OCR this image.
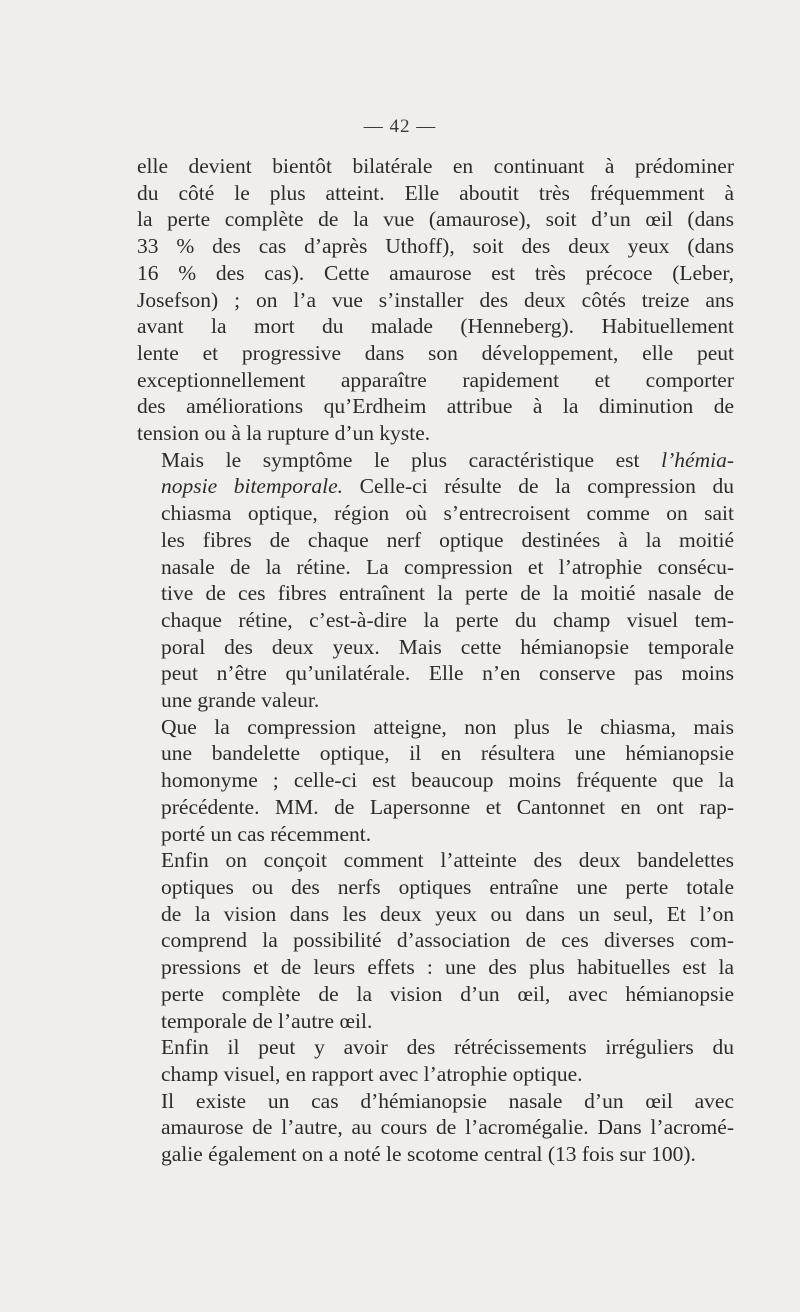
— 42 —

elle devient bientôt bilatérale en continuant à prédominer
du côté le plus atteint. Elle aboutit très fréquemment à
la perte complète de la vue (amaurose), soit d’un œil (dans
33 % des cas d’après Uthoff), soit des deux yeux (dans
16 % des cas). Cette amaurose est très précoce (Leber,
Josefson) ; on l’a vue s’installer des deux côtés treize ans
avant la mort du malade (Henneberg). Habituellement
lente et progressive dans son développement, elle peut
exceptionnellement apparaître rapidement et comporter
des améliorations qu’Erdheim attribue à la diminution de
tension ou à la rupture d’un kyste.

Mais le symptôme le plus caractéristique est l’hémia-
nopsie bitemporale. Celle-ci résulte de la compression du
chiasma optique, région où s’entrecroisent comme on sait
les fibres de chaque nerf optique destinées à la moitié
nasale de la rétine. La compression et l’atrophie consécu-
tive de ces fibres entraînent la perte de la moitié nasale de
chaque rétine, c’est-à-dire la perte du champ visuel tem-
poral des deux yeux. Mais cette hémianopsie temporale
peut n’être qu’unilatérale. Elle n’en conserve pas moins
une grande valeur.

Que la compression atteigne, non plus le chiasma, mais
une bandelette optique, il en résultera une hémianopsie
homonyme ; celle-ci est beaucoup moins fréquente que la
précédente. MM. de Lapersonne et Cantonnet en ont rap-
porté un cas récemment.

Enfin on conçoit comment l’atteinte des deux bandelettes
optiques ou des nerfs optiques entraîne une perte totale
de la vision dans les deux yeux ou dans un seul, Et l’on
comprend la possibilité d’association de ces diverses com-
pressions et de leurs effets : une des plus habituelles est la
perte complète de la vision d’un œil, avec hémianopsie
temporale de l’autre œil.

Enfin il peut y avoir des rétrécissements irréguliers du
champ visuel, en rapport avec l’atrophie optique.

Il existe un cas d’hémianopsie nasale d’un œil avec
amaurose de l’autre, au cours de l’acromégalie. Dans l’acromé-
galie également on a noté le scotome central (13 fois sur 100).
